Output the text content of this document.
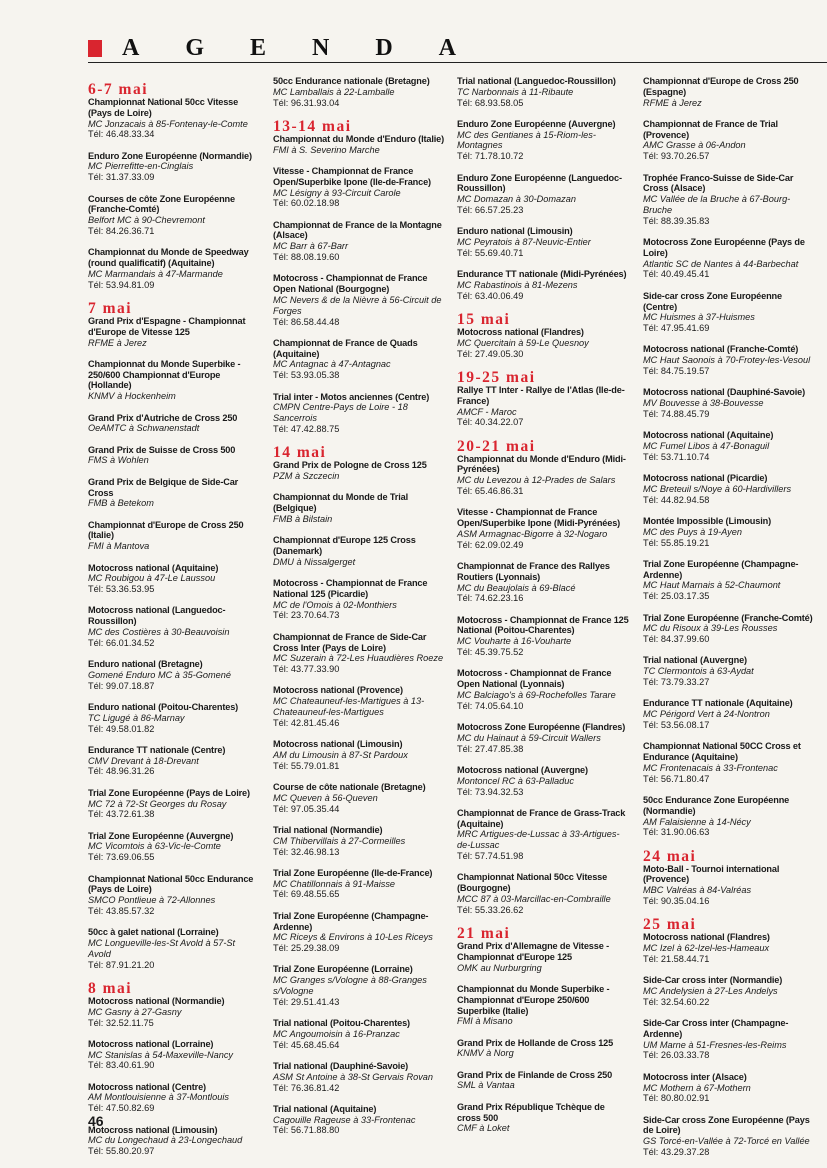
AGENDA
6-7 mai
Championnat National 50cc Vitesse (Pays de Loire)
MC Jonzacais à 85-Fontenay-le-Comte
Tél: 46.48.33.34
Enduro Zone Européenne (Normandie)
MC Pierrefitte-en-Cinglais
Tél: 31.37.33.09
Courses de côte Zone Européenne (Franche-Comté)
Belfort MC à 90-Chevremont
Tél: 84.26.36.71
Championnat du Monde de Speedway (round qualificatif) (Aquitaine)
MC Marmandais à 47-Marmande
Tél: 53.94.81.09
7 mai
Grand Prix d'Espagne - Championnat d'Europe de Vitesse 125
RFME à Jerez
Championnat du Monde Superbike - 250/600 Championnat d'Europe (Hollande)
KNMV à Hockenheim
Grand Prix d'Autriche de Cross 250
OeAMTC à Schwanenstadt
Grand Prix de Suisse de Cross 500
FMS à Wohlen
Grand Prix de Belgique de Side-Car Cross
FMB à Betekom
Championnat d'Europe de Cross 250 (Italie)
FMI à Mantova
Motocross national (Aquitaine)
MC Roubigou à 47-Le Laussou
Tél: 53.36.53.95
Motocross national (Languedoc-Roussillon)
MC des Costières à 30-Beauvoisin
Tél: 66.01.34.52
Enduro national (Bretagne)
Gomené Enduro MC à 35-Gomené
Tél: 99.07.18.87
Enduro national (Poitou-Charentes)
TC Ligugé à 86-Marnay
Tél: 49.58.01.82
Endurance TT nationale (Centre)
CMV Drevant à 18-Drevant
Tél: 48.96.31.26
Trial Zone Européenne (Pays de Loire)
MC 72 à 72-St Georges du Rosay
Tél: 43.72.61.38
Trial Zone Européenne (Auvergne)
MC Vicomtois à 63-Vic-le-Comte
Tél: 73.69.06.55
Championnat National 50cc Endurance (Pays de Loire)
SMCO Pontlieue à 72-Allonnes
Tél: 43.85.57.32
50cc à galet national (Lorraine)
MC Longueville-les-St Avold à 57-St Avold
Tél: 87.91.21.20
8 mai
Motocross national (Normandie)
MC Gasny à 27-Gasny
Tél: 32.52.11.75
Motocross national (Lorraine)
MC Stanislas à 54-Maxeville-Nancy
Tél: 83.40.61.90
Motocross national (Centre)
AM Montlouisienne à 37-Montlouis
Tél: 47.50.82.69
Motocross national (Limousin)
MC du Longechaud à 23-Longechaud
Tél: 55.80.20.97
50cc Endurance nationale (Bretagne)
MC Lamballais à 22-Lamballe
Tél: 96.31.93.04
13-14 mai
Championnat du Monde d'Enduro (Italie)
FMI à S. Severino Marche
Vitesse - Championnat de France Open/Superbike Ipone (Ile-de-France)
MC Lésigny à 93-Circuit Carole
Tél: 60.02.18.98
Championnat de France de la Montagne (Alsace)
MC Barr à 67-Barr
Tél: 88.08.19.60
Motocross - Championnat de France Open National (Bourgogne)
MC Nevers & de la Nièvre à 56-Circuit de Forges
Tél: 86.58.44.48
Championnat de France de Quads (Aquitaine)
MC Antagnac à 47-Antagnac
Tél: 53.93.05.38
Trial inter - Motos anciennes (Centre)
CMPN Centre-Pays de Loire - 18 Sancerrois
Tél: 47.42.88.75
14 mai
Grand Prix de Pologne de Cross 125
PZM à Szczecin
Championnat du Monde de Trial (Belgique)
FMB à Bilstain
Championnat d'Europe 125 Cross (Danemark)
DMU à Nissalgerget
Motocross - Championnat de France National 125 (Picardie)
MC de l'Omois à 02-Monthiers
Tél: 23.70.64.73
Championnat de France de Side-Car Cross Inter (Pays de Loire)
MC Suzerain à 72-Les Huaudières Roeze
Tél: 43.77.33.90
Motocross national (Provence)
MC Chateauneuf-les-Martigues à 13-Chateauneuf-les-Martigues
Tél: 42.81.45.46
Motocross national (Limousin)
AM du Limousin à 87-St Pardoux
Tél: 55.79.01.81
Course de côte nationale (Bretagne)
MC Queven à 56-Queven
Tél: 97.05.35.44
Trial national (Normandie)
CM Thibervillais à 27-Cormeilles
Tél: 32.46.98.13
Trial Zone Européenne (Ile-de-France)
MC Chatillonnais à 91-Maisse
Tél: 69.48.55.65
Trial Zone Européenne (Champagne-Ardenne)
MC Riceys & Environs à 10-Les Riceys
Tél: 25.29.38.09
Trial Zone Européenne (Lorraine)
MC Granges s/Vologne à 88-Granges s/Vologne
Tél: 29.51.41.43
Trial national (Poitou-Charentes)
MC Angoumoisin à 16-Pranzac
Tél: 45.68.45.64
Trial national (Dauphiné-Savoie)
ASM St Antoine à 38-St Gervais Rovan
Tél: 76.36.81.42
Trial national (Aquitaine)
Cagouille Rageuse à 33-Frontenac
Tél: 56.71.88.80
Trial national (Languedoc-Roussillon)
TC Narbonnais à 11-Ribaute
Tél: 68.93.58.05
Enduro Zone Européenne (Auvergne)
MC des Gentianes à 15-Riom-les-Montagnes
Tél: 71.78.10.72
Enduro Zone Européenne (Languedoc-Roussillon)
MC Domazan à 30-Domazan
Tél: 66.57.25.23
Enduro national (Limousin)
MC Peyratois à 87-Neuvic-Entier
Tél: 55.69.40.71
Endurance TT nationale (Midi-Pyrénées)
MC Rabastinois à 81-Mezens
Tél: 63.40.06.49
15 mai
Motocross national (Flandres)
MC Quercitain à 59-Le Quesnoy
Tél: 27.49.05.30
19-25 mai
Rallye TT Inter - Rallye de l'Atlas (Ile-de-France)
AMCF - Maroc
Tél: 40.34.22.07
20-21 mai
Championnat du Monde d'Enduro (Midi-Pyrénées)
MC du Levezou à 12-Prades de Salars
Tél: 65.46.86.31
Vitesse - Championnat de France Open/Superbike Ipone (Midi-Pyrénées)
ASM Armagnac-Bigorre à 32-Nogaro
Tél: 62.09.02.49
Championnat de France des Rallyes Routiers (Lyonnais)
MC du Beaujolais à 69-Blacé
Tél: 74.62.23.16
Motocross - Championnat de France 125 National (Poitou-Charentes)
MC Vouharte à 16-Vouharte
Tél: 45.39.75.52
Motocross - Championnat de France Open National (Lyonnais)
MC Balciago's à 69-Rochefolles Tarare
Tél: 74.05.64.10
Motocross Zone Européenne (Flandres)
MC du Hainaut à 59-Circuit Wallers
Tél: 27.47.85.38
Motocross national (Auvergne)
Montoncel RC à 63-Palladuc
Tél: 73.94.32.53
Championnat de France de Grass-Track (Aquitaine)
MRC Artigues-de-Lussac à 33-Artigues-de-Lussac
Tél: 57.74.51.98
Championnat National 50cc Vitesse (Bourgogne)
MCC 87 à 03-Marcillac-en-Combraille
Tél: 55.33.26.62
21 mai
Grand Prix d'Allemagne de Vitesse - Championnat d'Europe 125
OMK au Nurburgring
Championnat du Monde Superbike - Championnat d'Europe 250/600 Superbike (Italie)
FMI à Misano
Grand Prix de Hollande de Cross 125
KNMV à Norg
Grand Prix de Finlande de Cross 250
SML à Vantaa
Grand Prix République Tchèque de cross 500
CMF à Loket
Championnat d'Europe de Cross 250 (Espagne)
RFME à Jerez
Championnat de France de Trial (Provence)
AMC Grasse à 06-Andon
Tél: 93.70.26.57
Trophée Franco-Suisse de Side-Car Cross (Alsace)
MC Vallée de la Bruche à 67-Bourg-Bruche
Tél: 88.39.35.83
Motocross Zone Européenne (Pays de Loire)
Atlantic SC de Nantes à 44-Barbechat
Tél: 40.49.45.41
Side-car cross Zone Européenne (Centre)
MC Huismes à 37-Huismes
Tél: 47.95.41.69
Motocross national (Franche-Comté)
MC Haut Saonois à 70-Frotey-les-Vesoul
Tél: 84.75.19.57
Motocross national (Dauphiné-Savoie)
MV Bouvesse à 38-Bouvesse
Tél: 74.88.45.79
Motocross national (Aquitaine)
MC Fumel Libos à 47-Bonaguil
Tél: 53.71.10.74
Motocross national (Picardie)
MC Breteuil s/Noye à 60-Hardivillers
Tél: 44.82.94.58
Montée Impossible (Limousin)
MC des Puys à 19-Ayen
Tél: 55.85.19.21
Trial Zone Européenne (Champagne-Ardenne)
MC Haut Marnais à 52-Chaumont
Tél: 25.03.17.35
Trial Zone Européenne (Franche-Comté)
MC du Risoux à 39-Les Rousses
Tél: 84.37.99.60
Trial national (Auvergne)
TC Clermontois à 63-Aydat
Tél: 73.79.33.27
Endurance TT nationale (Aquitaine)
MC Périgord Vert à 24-Nontron
Tél: 53.56.08.17
Championnat National 50CC Cross et Endurance (Aquitaine)
MC Frontenacais à 33-Frontenac
Tél: 56.71.80.47
50cc Endurance Zone Européenne (Normandie)
AM Falaisienne à 14-Nécy
Tél: 31.90.06.63
24 mai
Moto-Ball - Tournoi international (Provence)
MBC Valréas à 84-Valréas
Tél: 90.35.04.16
25 mai
Motocross national (Flandres)
MC Izel à 62-Izel-les-Hameaux
Tél: 21.58.44.71
Side-Car cross inter (Normandie)
MC Andelysien à 27-Les Andelys
Tél: 32.54.60.22
Side-Car Cross inter (Champagne-Ardenne)
UM Marne à 51-Fresnes-les-Reims
Tél: 26.03.33.78
Motocross inter (Alsace)
MC Mothern à 67-Mothern
Tél: 80.80.02.91
Side-Car cross Zone Européenne (Pays de Loire)
GS Torcé-en-Vallée à 72-Torcé en Vallée
Tél: 43.29.37.28
46
